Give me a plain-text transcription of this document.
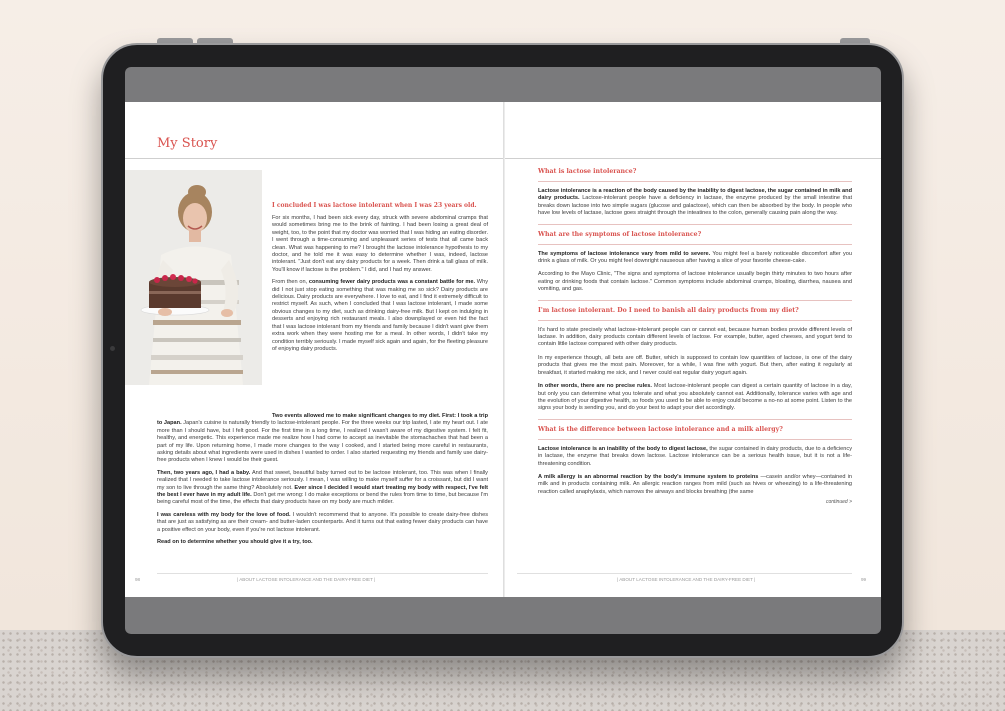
My Story

I concluded I was lactose intolerant when I was 23 years old.

For six months, I had been sick every day, struck with severe abdominal cramps that would sometimes bring me to the brink of fainting. I had been losing a great deal of weight, too, to the point that my doctor was worried that I was hiding an eating disorder. I went through a time-consuming and unpleasant series of tests that all came back clean. What was happening to me? I brought the lactose intolerance hypothesis to my doctor, and he told me it was easy to determine whether I was, indeed, lactose intolerant. "Just don't eat any dairy products for a week. Then drink a tall glass of milk. You'll know if lactose is the problem." I did, and I had my answer.

From then on, consuming fewer dairy products was a constant battle for me. Why did I not just stop eating something that was making me so sick? Dairy products are delicious. Dairy products are everywhere. I love to eat, and I find it extremely difficult to restrict myself. As such, when I concluded that I was lactose intolerant, I made some obvious changes to my diet, such as drinking dairy-free milk. But I kept on indulging in desserts and enjoying rich restaurant meals. I also downplayed or even hid the fact that I was lactose intolerant from my friends and family because I didn't want give them extra work when they were hosting me for a meal. In other words, I didn't take my condition terribly seriously. I made myself sick again and again, for the fleeting pleasure of enjoying dairy products.

Two events allowed me to make significant changes to my diet. First: I took a trip to Japan. Japan's cuisine is naturally friendly to lactose-intolerant people. For the three weeks our trip lasted, I ate my heart out. I ate more than I should have, but I felt good. For the first time in a long time, I realized I wasn't aware of my digestive system. I felt fit, healthy, and energetic. This experience made me realize how I had come to accept as inevitable the stomachaches that had been a part of my life. Upon returning home, I made more changes to the way I cooked, and I started being more careful in restaurants, asking details about what ingredients were used in dishes I wanted to order. I also started requesting my friends and family use dairy-free products when I knew I would be their guest.

Then, two years ago, I had a baby. And that sweet, beautiful baby turned out to be lactose intolerant, too. This was when I finally realized that I needed to take lactose intolerance seriously. I mean, I was willing to make myself suffer for a croissant, but did I want my son to live through the same thing? Absolutely not. Ever since I decided I would start treating my body with respect, I've felt the best I ever have in my adult life. Don't get me wrong: I do make exceptions or bend the rules from time to time, but because I'm being careful most of the time, the effects that dairy products have on my body are much milder.

I was careless with my body for the love of food. I wouldn't recommend that to anyone. It's possible to create dairy-free dishes that are just as satisfying as are their cream- and butter-laden counterparts. And it turns out that eating fewer dairy products can have a positive effect on your body, even if you're not lactose intolerant.

Read on to determine whether you should give it a try, too.

98	| ABOUT LACTOSE INTOLERANCE AND THE DAIRY-FREE DIET |

What is lactose intolerance?

Lactose intolerance is a reaction of the body caused by the inability to digest lactose, the sugar contained in milk and dairy products. Lactose-intolerant people have a deficiency in lactase, the enzyme produced by the small intestine that breaks down lactose into two simple sugars (glucose and galactose), which can then be absorbed by the body. In people who have low levels of lactase, lactose goes straight through the inteatines to the colon, generally causing pain along the way.

What are the symptoms of lactose intolerance?

The symptoms of lactose intolerance vary from mild to severe. You might feel a barely noticeable discomfort after you drink a glass of milk. Or you might feel downright nauseous after having a slice of your favorite cheese-cake.

According to the Mayo Clinic, "The signs and symptoms of lactose intolerance usually begin thirty minutes to two hours after eating or drinking foods that contain lactose." Common symptoms include abdominal cramps, bloating, diarrhea, nausea and vomiting, and gas.

I'm lactose intolerant. Do I need to banish all dairy products from my diet?

It's hard to state precisely what lactose-intolerant people can or cannot eat, because human bodies provide different levels of lactase. In addition, dairy products contain different levels of lactose. For example, butter, aged cheeses, and yogurt tend to contain little lactose compared with other dairy products.

In my experience though, all bets are off. Butter, which is supposed to contain low quantities of lactose, is one of the dairy products that gives me the most pain. Moreover, for a while, I was fine with yogurt. But then, after eating it regularly at breakfast, it started making me sick, and I never could eat regular dairy yogurt again.

In other words, there are no precise rules. Most lactose-intolerant people can digest a certain quantity of lactose in a day, but only you can determine what you tolerate and what you absolutely cannot eat. Additionally, tolerance varies with age and the evolution of your digestive health, so foods you used to be able to enjoy could become a no-no at some point. Listen to the signs your body is sending you, and do your best to adapt your diet accordingly.

What is the difference between lactose intolerance and a milk allergy?

Lactose intolerance is an inability of the body to digest lactose, the sugar contained in dairy products, due to a deficiency in lactase, the enzyme that breaks down lactose. Lactose intolerance can be a serious health issue, but it is not a life-threatening condition.

A milk allergy is an abnormal reaction by the body's immune system to proteins —casein and/or whey—contained in milk and in products containing milk. An allergic reaction ranges from mild (such as hives or wheezing) to a life-threatening reaction called anaphylaxis, which narrows the airways and blocks breathing (the same

continued >
| ABOUT LACTOSE INTOLERANCE AND THE DAIRY-FREE DIET |	99
